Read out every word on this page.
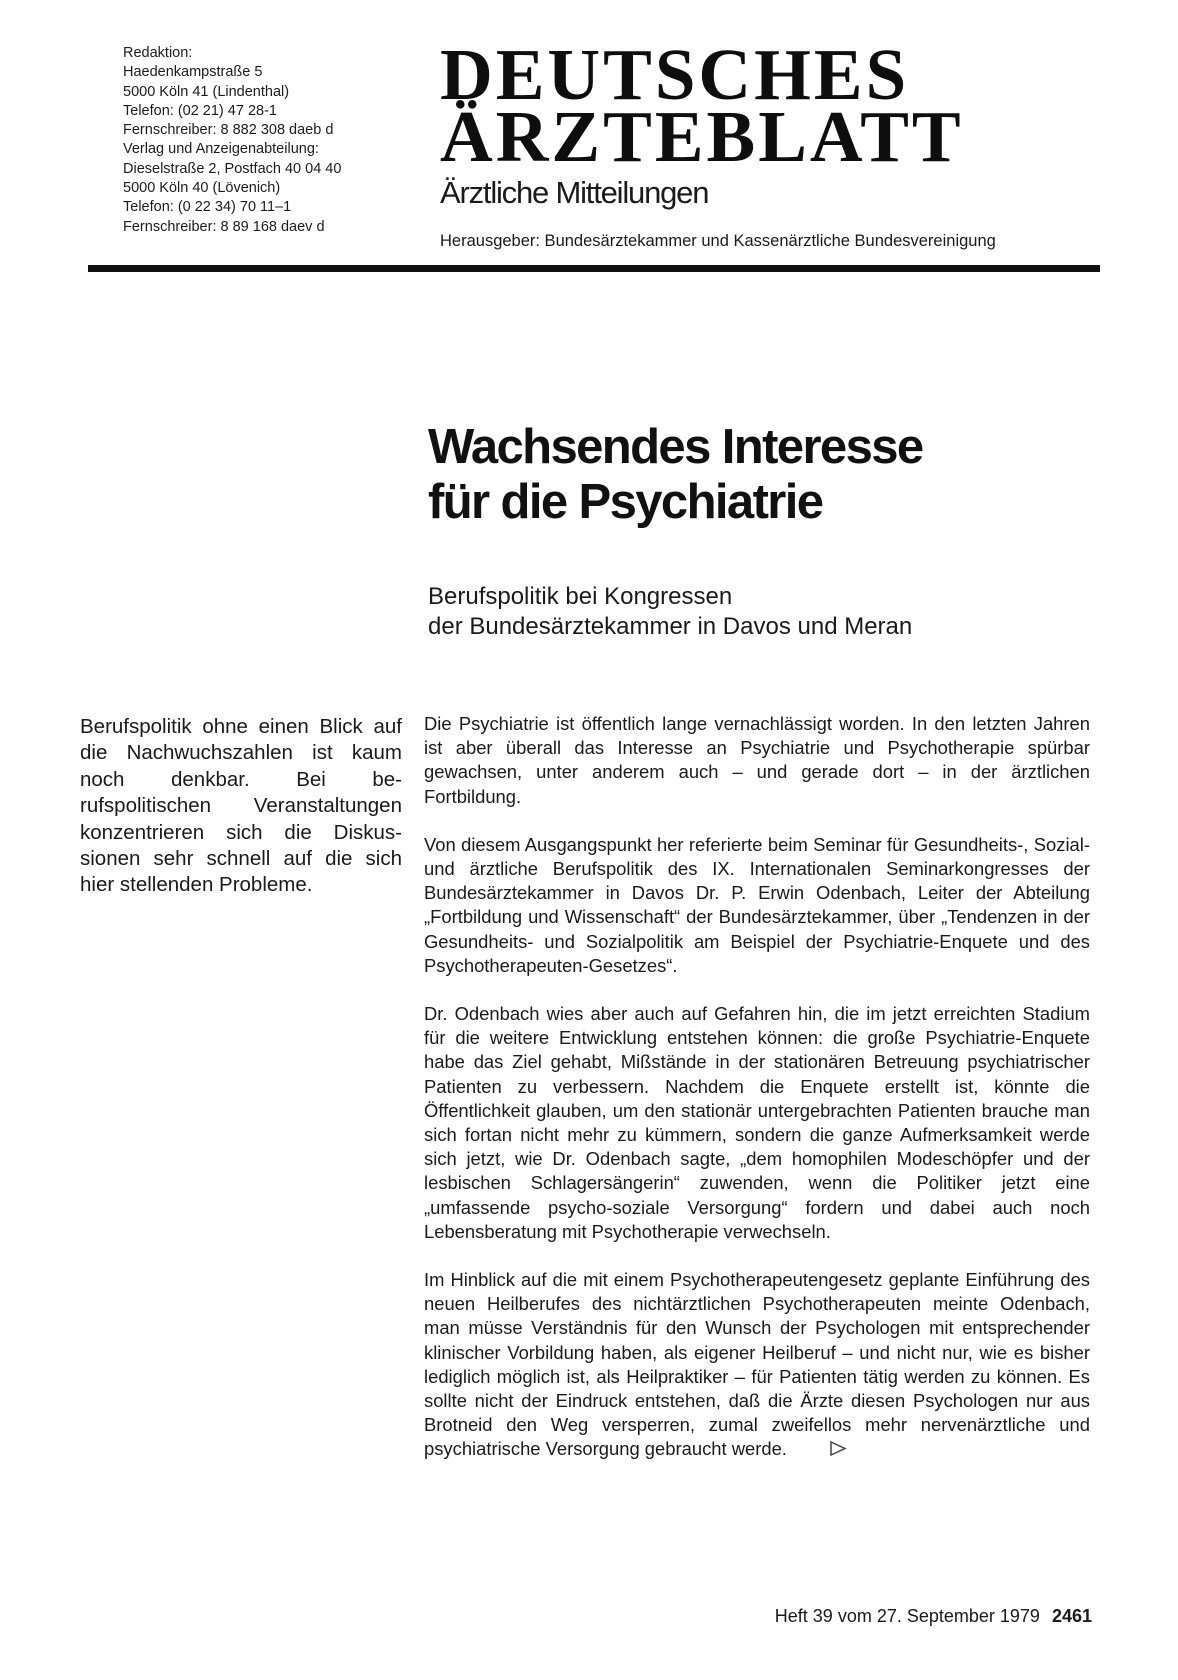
Redaktion:
Haedenkampstraße 5
5000 Köln 41 (Lindenthal)
Telefon: (02 21) 47 28-1
Fernschreiber: 8 882 308 daeb d
Verlag und Anzeigenabteilung:
Dieselstraße 2, Postfach 40 04 40
5000 Köln 40 (Lövenich)
Telefon: (0 22 34) 70 11–1
Fernschreiber: 8 89 168 daev d
DEUTSCHES
ÄRZTEBLATT
Ärztliche Mitteilungen
Herausgeber: Bundesärztekammer und Kassenärztliche Bundesvereinigung
Wachsendes Interesse
für die Psychiatrie
Berufspolitik bei Kongressen
der Bundesärztekammer in Davos und Meran
Berufspolitik ohne einen Blick auf die Nachwuchszahlen ist kaum noch denkbar. Bei berufspolitischen Veranstaltungen konzentrieren sich die Diskussionen sehr schnell auf die sich hier stellenden Probleme.

Die Psychiatrie ist öffentlich lange vernachlässigt worden. In den letzten Jahren ist aber überall das Interesse an Psychiatrie und Psychotherapie spürbar gewachsen, unter anderem auch – und gerade dort – in der ärztlichen Fortbildung.

Von diesem Ausgangspunkt her referierte beim Seminar für Gesundheits-, Sozial- und ärztliche Berufspolitik des IX. Internationalen Seminarkongresses der Bundesärztekammer in Davos Dr. P. Erwin Odenbach, Leiter der Abteilung „Fortbildung und Wissenschaft“ der Bundesärztekammer, über „Tendenzen in der Gesundheits- und Sozialpolitik am Beispiel der Psychiatrie-Enquete und des Psychotherapeuten-Gesetzes“.

Dr. Odenbach wies aber auch auf Gefahren hin, die im jetzt erreichten Stadium für die weitere Entwicklung entstehen können: die große Psychiatrie-Enquete habe das Ziel gehabt, Mißstände in der stationären Betreuung psychiatrischer Patienten zu verbessern. Nachdem die Enquete erstellt ist, könnte die Öffentlichkeit glauben, um den stationär untergebrachten Patienten brauche man sich fortan nicht mehr zu kümmern, sondern die ganze Aufmerksamkeit werde sich jetzt, wie Dr. Odenbach sagte, „dem homophilen Modeschöpfer und der lesbischen Schlagersängerin“ zuwenden, wenn die Politiker jetzt eine „umfassende psycho-soziale Versorgung“ fordern und dabei auch noch Lebensberatung mit Psychotherapie verwechseln.

Im Hinblick auf die mit einem Psychotherapeutengesetz geplante Einführung des neuen Heilberufes des nichtärztlichen Psychotherapeuten meinte Odenbach, man müsse Verständnis für den Wunsch der Psychologen mit entsprechender klinischer Vorbildung haben, als eigener Heilberuf – und nicht nur, wie es bisher lediglich möglich ist, als Heilpraktiker – für Patienten tätig werden zu können. Es sollte nicht der Eindruck entstehen, daß die Ärzte diesen Psychologen nur aus Brotneid den Weg versperren, zumal zweifellos mehr nervenärztliche und psychiatrische Versorgung gebraucht werde.

Heft 39 vom 27. September 1979 2461
